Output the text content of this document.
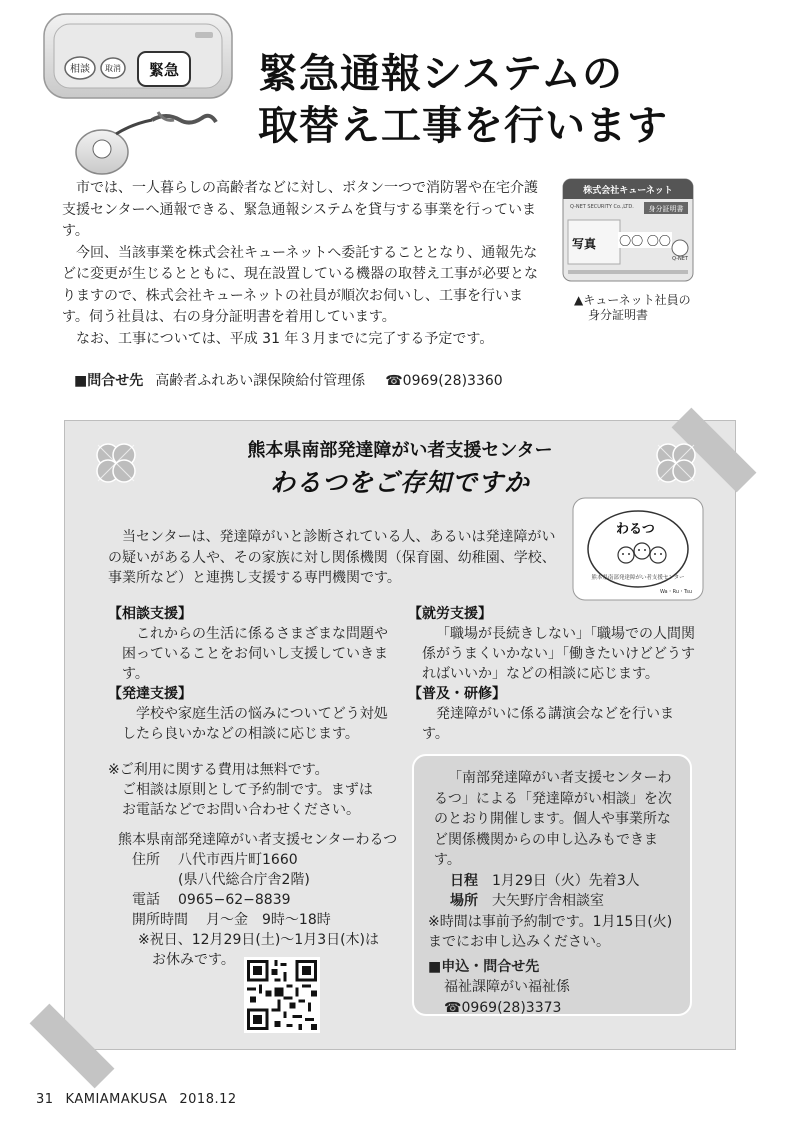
相談 取消 緊急 緊急通報システムの
取替え工事を行います

市では、一人暮らしの高齢者などに対し、ボタン一つで消防署や在宅介護支援センターへ通報できる、緊急通報システムを貸与する事業を行っています。

今回、当該事業を株式会社キューネットへ委託することとなり、通報先などに変更が生じるとともに、現在設置している機器の取替え工事が必要となりますので、株式会社キューネットの社員が順次お伺いし、工事を行います。伺う社員は、右の身分証明書を着用しています。

なお、工事については、平成 31 年３月までに完了する予定です。

株式会社キューネット
Q-NET SECURITY Co.,LTD. 身分証明書
写真 〇〇 〇〇
Q-NET
▲キューネット社員の
身分証明書
■問合せ先 高齢者ふれあい課保険給付管理係 ☎0969(28)3360
熊本県南部発達障がい者支援センター
わるつをご存知ですか
わるつ
熊本県南部発達障がい者支援センター
Wa・Ru・Tsu

当センターは、発達障がいと診断されている人、あるいは発達障がいの疑いがある人や、その家族に対し関係機関（保育園、幼稚園、学校、事業所など）と連携し支援する専門機関です。

【相談支援】
これからの生活に係るさまざまな問題や困っていることをお伺いし支援していきます。
【発達支援】
学校や家庭生活の悩みについてどう対処したら良いかなどの相談に応じます。
【就労支援】
「職場が長続きしない」「職場での人間関係がうまくいかない」「働きたいけどどうすればいいか」などの相談に応じます。
【普及・研修】
発達障がいに係る講演会などを行います。
※ご利用に関する費用は無料です。
ご相談は原則として予約制です。まずは
お電話などでお問い合わせください。
熊本県南部発達障がい者支援センターわるつ
住所 八代市西片町1660
(県八代総合庁舎2階)
電話 0965−62−8839
開所時間 月〜金　9時〜18時
※祝日、12月29日(土)〜1月3日(木)は
お休みです。
「南部発達障がい者支援センターわるつ」による「発達障がい相談」を次のとおり開催します。個人や事業所など関係機関からの申し込みもできます。
日程 1月29日（火）先着3人
場所 大矢野庁舎相談室
※時間は事前予約制です。1月15日(火)までにお申し込みください。
■申込・問合せ先
福祉課障がい福祉係
☎0969(28)3373
31 KAMIAMAKUSA 2018.12
